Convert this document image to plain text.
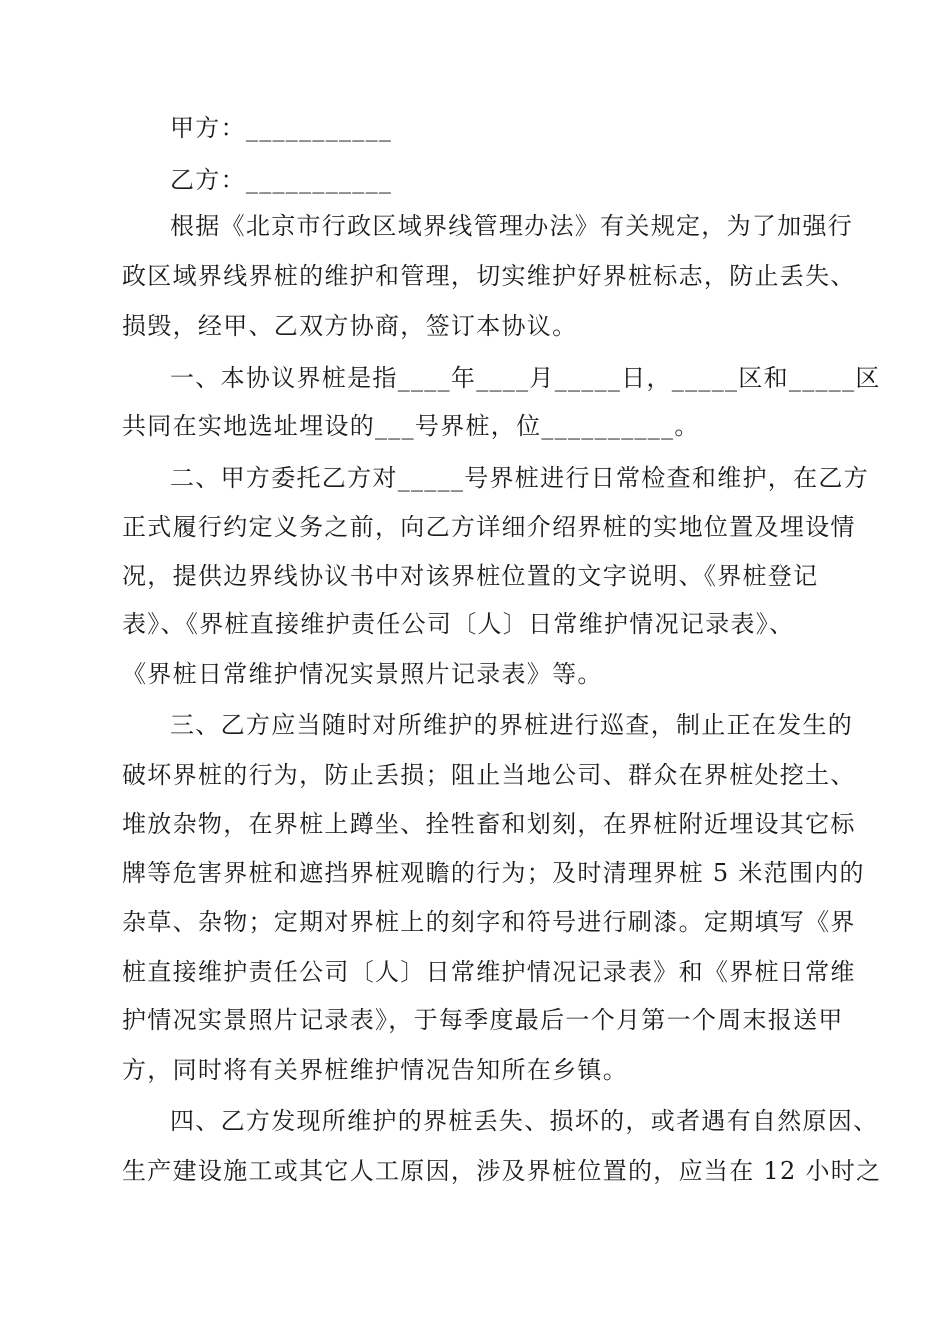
甲方：___________
乙方：___________
根据《北京市行政区域界线管理办法》有关规定，为了加强行
政区域界线界桩的维护和管理，切实维护好界桩标志，防止丢失、
损毁，经甲、乙双方协商，签订本协议。
一、本协议界桩是指____年____月_____日，_____区和_____区
共同在实地选址埋设的___号界桩，位__________。
二、甲方委托乙方对_____号界桩进行日常检查和维护，在乙方
正式履行约定义务之前，向乙方详细介绍界桩的实地位置及埋设情
况，提供边界线协议书中对该界桩位置的文字说明、《界桩登记
表》、《界桩直接维护责任公司〔人〕日常维护情况记录表》、
《界桩日常维护情况实景照片记录表》等。
三、乙方应当随时对所维护的界桩进行巡查，制止正在发生的
破坏界桩的行为，防止丢损；阻止当地公司、群众在界桩处挖土、
堆放杂物，在界桩上蹲坐、拴牲畜和划刻，在界桩附近埋设其它标
牌等危害界桩和遮挡界桩观瞻的行为；及时清理界桩 5 米范围内的
杂草、杂物；定期对界桩上的刻字和符号进行刷漆。定期填写《界
桩直接维护责任公司〔人〕日常维护情况记录表》和《界桩日常维
护情况实景照片记录表》，于每季度最后一个月第一个周末报送甲
方，同时将有关界桩维护情况告知所在乡镇。
四、乙方发现所维护的界桩丢失、损坏的，或者遇有自然原因、
生产建设施工或其它人工原因，涉及界桩位置的，应当在 12 小时之
